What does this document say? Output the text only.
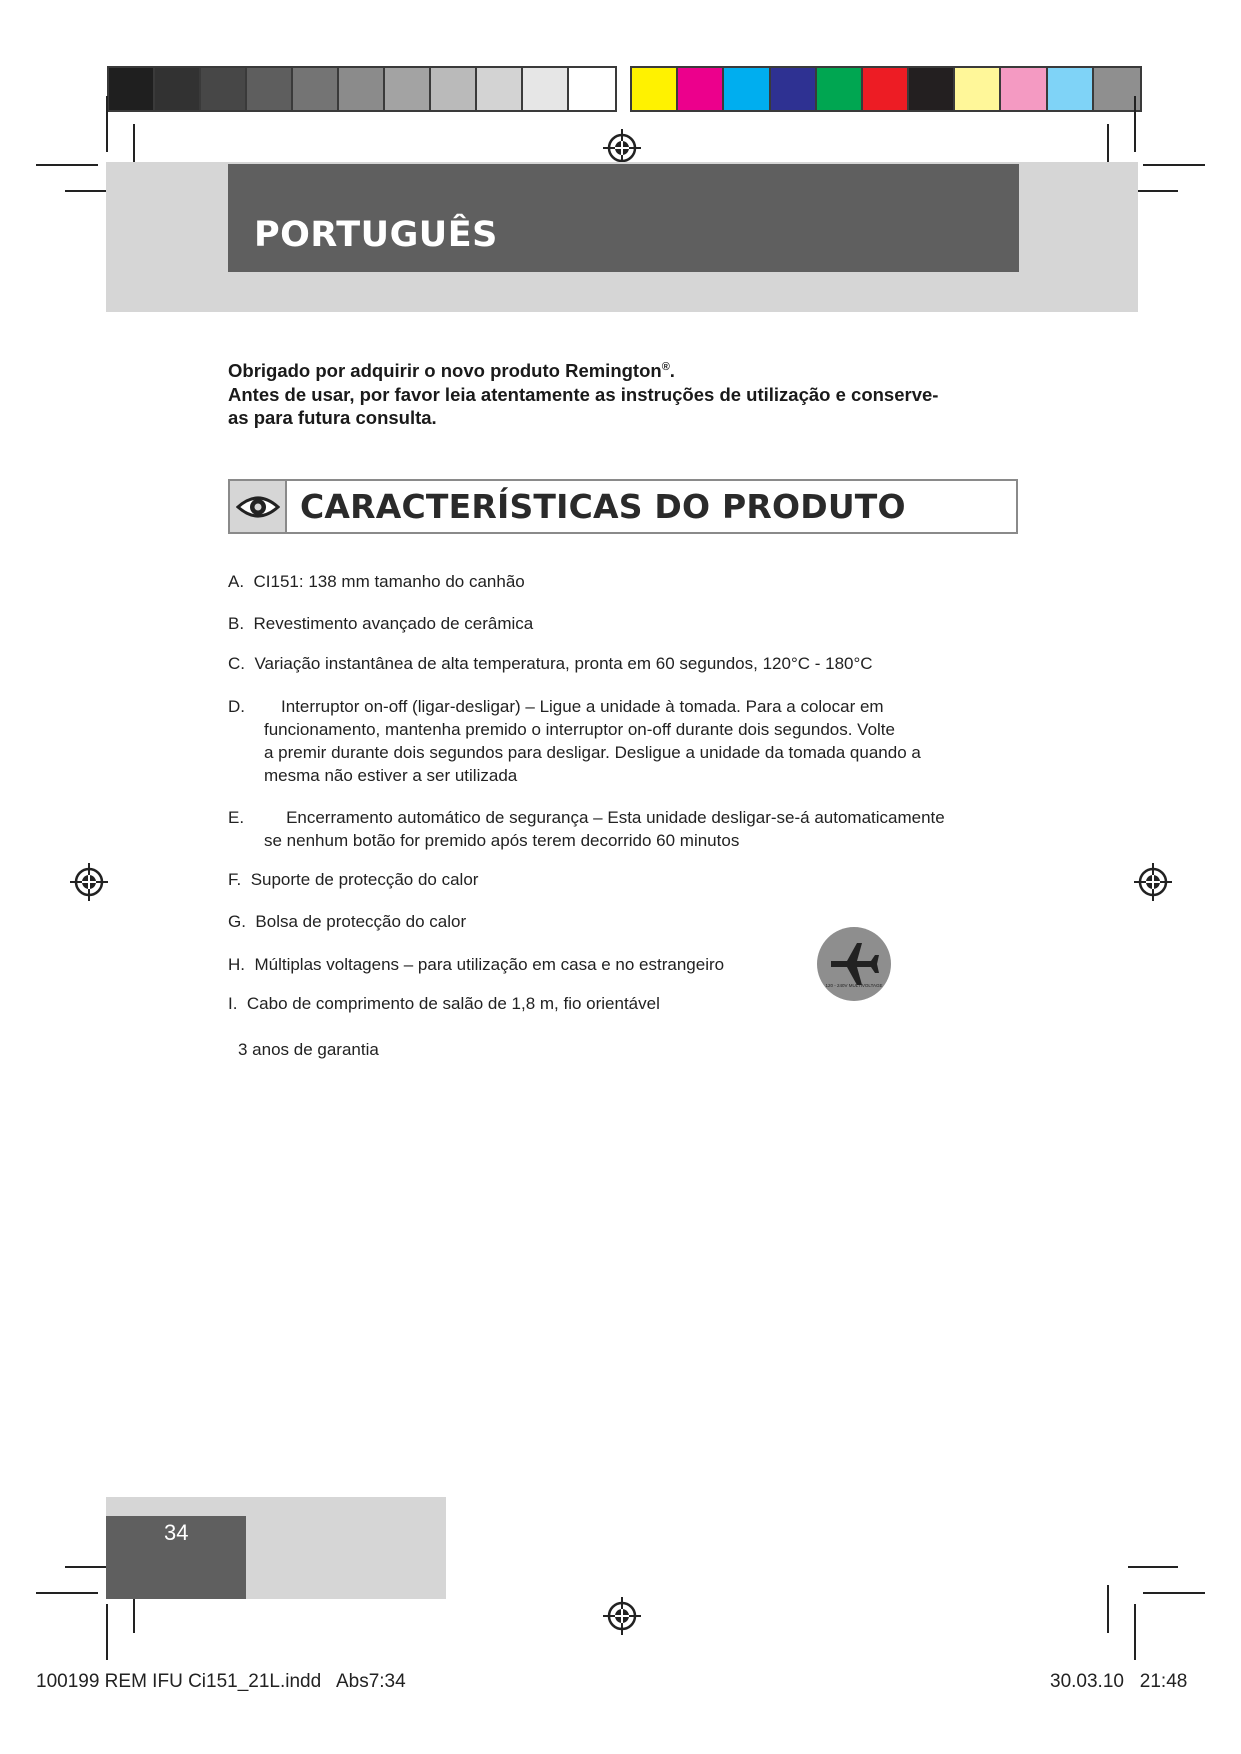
PORTUGUÊS
Obrigado por adquirir o novo produto Remington®.
Antes de usar, por favor leia atentamente as instruções de utilização e conserve-
as para futura consulta.
CARACTERÍSTICAS DO PRODUTO
A. CI151: 138 mm tamanho do canhão
B. Revestimento avançado de cerâmica
C. Variação instantânea de alta temperatura, pronta em 60 segundos, 120°C - 180°C
D. Interruptor on-off (ligar-desligar) – Ligue a unidade à tomada. Para a colocar em
funcionamento, mantenha premido o interruptor on-off durante dois segundos. Volte
a premir durante dois segundos para desligar. Desligue a unidade da tomada quando a
mesma não estiver a ser utilizada
E. Encerramento automático de segurança – Esta unidade desligar-se-á automaticamente
se nenhum botão for premido após terem decorrido 60 minutos
F. Suporte de protecção do calor
G. Bolsa de protecção do calor
H. Múltiplas voltagens – para utilização em casa e no estrangeiro
I. Cabo de comprimento de salão de 1,8 m, fio orientável
3 anos de garantia
120 - 240V MULTIVOLTAGE
34
100199 REM IFU Ci151_21L.indd   Abs7:34	30.03.10   21:48
